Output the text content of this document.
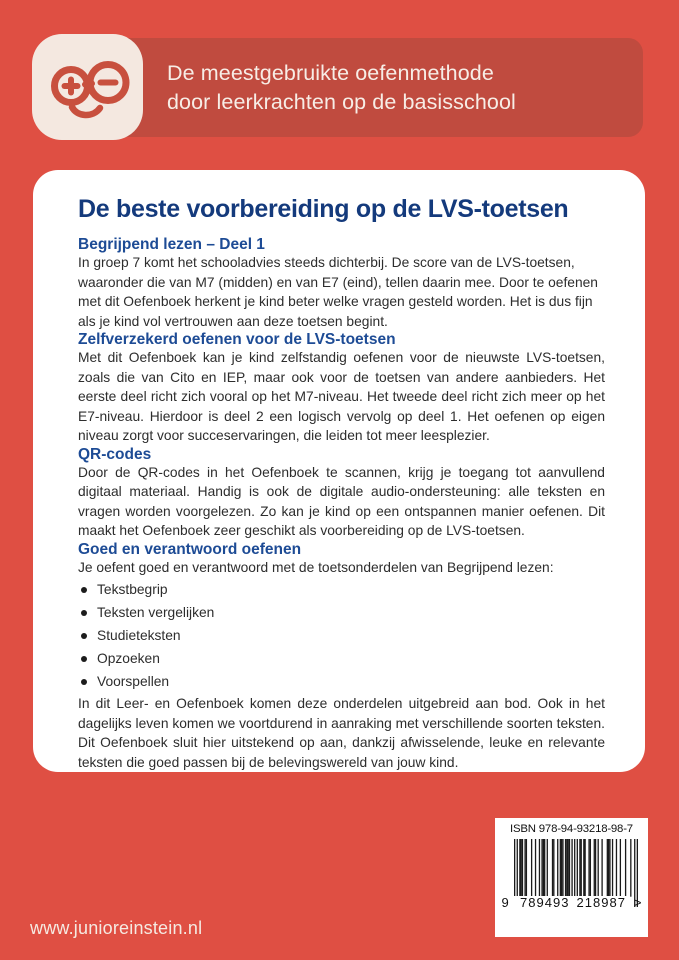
De meestgebruikte oefenmethode
door leerkrachten op de basisschool
De beste voorbereiding op de LVS-toetsen
Begrijpend lezen – Deel 1

In groep 7 komt het schooladvies steeds dichterbij. De score van de LVS-toetsen, waaronder die van M7 (midden) en van E7 (eind), tellen daarin mee. Door te oefenen met dit Oefenboek herkent je kind beter welke vragen gesteld worden. Het is dus fijn als je kind vol vertrouwen aan deze toetsen begint.

Zelfverzekerd oefenen voor de LVS-toetsen

Met dit Oefenboek kan je kind zelfstandig oefenen voor de nieuwste LVS-toetsen, zoals die van Cito en IEP, maar ook voor de toetsen van andere aanbieders. Het eerste deel richt zich vooral op het M7-niveau. Het tweede deel richt zich meer op het E7-niveau. Hierdoor is deel 2 een logisch vervolg op deel 1. Het oefenen op eigen niveau zorgt voor succeservaringen, die leiden tot meer leesplezier.

QR-codes

Door de QR-codes in het Oefenboek te scannen, krijg je toegang tot aanvullend digitaal materiaal. Handig is ook de digitale audio-ondersteuning: alle teksten en vragen worden voorgelezen. Zo kan je kind op een ontspannen manier oefenen. Dit maakt het Oefenboek zeer geschikt als voorbereiding op de LVS-toetsen.

Goed en verantwoord oefenen

Je oefent goed en verantwoord met de toetsonderdelen van Begrijpend lezen:

Tekstbegrip
Teksten vergelijken
Studieteksten
Opzoeken
Voorspellen

In dit Leer- en Oefenboek komen deze onderdelen uitgebreid aan bod. Ook in het dagelijks leven komen we voortdurend in aanraking met verschillende soorten teksten. Dit Oefenboek sluit hier uitstekend op aan, dankzij afwisselende, leuke en relevante teksten die goed passen bij de belevingswereld van jouw kind.

ISBN 978-94-93218-98-7
9 789493 218987 >
www.junioreinstein.nl
